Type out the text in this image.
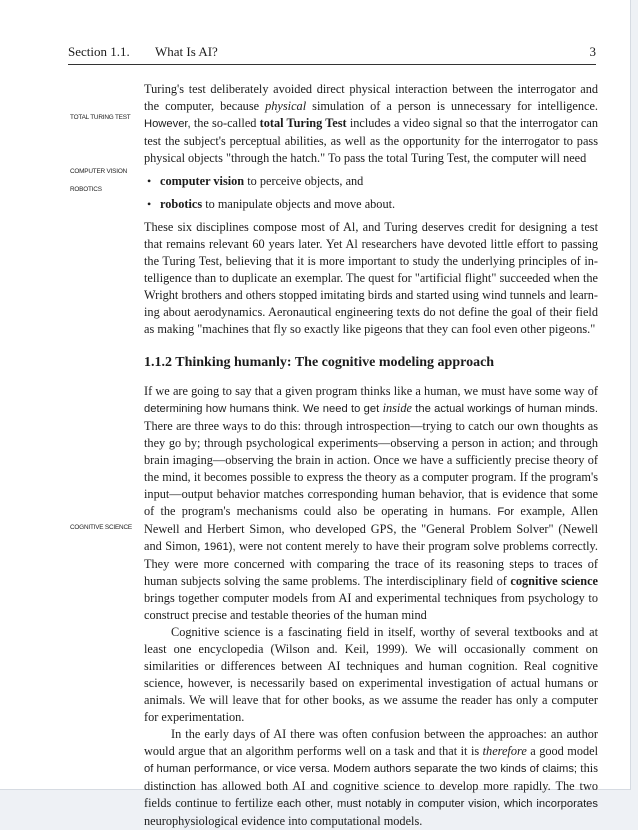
Section 1.1. What Is AI?	3
TOTAL TURING TEST
COMPUTER VISION
ROBOTICS
COGNITIVE SCIENCE

Turing's test deliberately avoided direct physical interaction between the interrogator and the computer, because physical simulation of a person is unnecessary for intelligence. However, the so-called total Turing Test includes a video signal so that the interrogator can test the subject's perceptual abilities, as well as the opportunity for the interrogator to pass physical objects "through the hatch." To pass the total Turing Test, the computer will need

• computer vision to perceive objects, and
• robotics to manipulate objects and move about.

These six disciplines compose most of Al, and Turing deserves credit for designing a test that remains relevant 60 years later. Yet Al researchers have devoted little effort to passing the Turing Test, believing that it is more important to study the underlying principles of in-telligence than to duplicate an exemplar. The quest for "artificial flight" succeeded when the Wright brothers and others stopped imitating birds and started using wind tunnels and learn-ing about aerodynamics. Aeronautical engineering texts do not define the goal of their field as making "machines that fly so exactly like pigeons that they can fool even other pigeons."

1.1.2 Thinking humanly: The cognitive modeling approach

If we are going to say that a given program thinks like a human, we must have some way of determining how humans think. We need to get inside the actual workings of human minds. There are three ways to do this: through introspection—trying to catch our own thoughts as they go by; through psychological experiments—observing a person in action; and through brain imaging—observing the brain in action. Once we have a sufficiently precise theory of the mind, it becomes possible to express the theory as a computer program. If the program's input—output behavior matches corresponding human behavior, that is evidence that some of the program's mechanisms could also be operating in humans. For example, Allen Newell and Herbert Simon, who developed GPS, the "General Problem Solver" (Newell and Simon, 1961), were not content merely to have their program solve problems correctly. They were more concerned with comparing the trace of its reasoning steps to traces of human subjects solving the same problems. The interdisciplinary field of cognitive science brings together computer models from AI and experimental techniques from psychology to construct precise and testable theories of the human mind

Cognitive science is a fascinating field in itself, worthy of several textbooks and at least one encyclopedia (Wilson and. Keil, 1999). We will occasionally comment on similarities or differences between AI techniques and human cognition. Real cognitive science, however, is necessarily based on experimental investigation of actual humans or animals. We will leave that for other books, as we assume the reader has only a computer for experimentation.

In the early days of AI there was often confusion between the approaches: an author would argue that an algorithm performs well on a task and that it is therefore a good model of human performance, or vice versa. Modem authors separate the two kinds of claims; this distinction has allowed both AI and cognitive science to develop more rapidly. The two fields continue to fertilize each other, must notably in computer vision, which incorporates neurophysiological evidence into computational models.
